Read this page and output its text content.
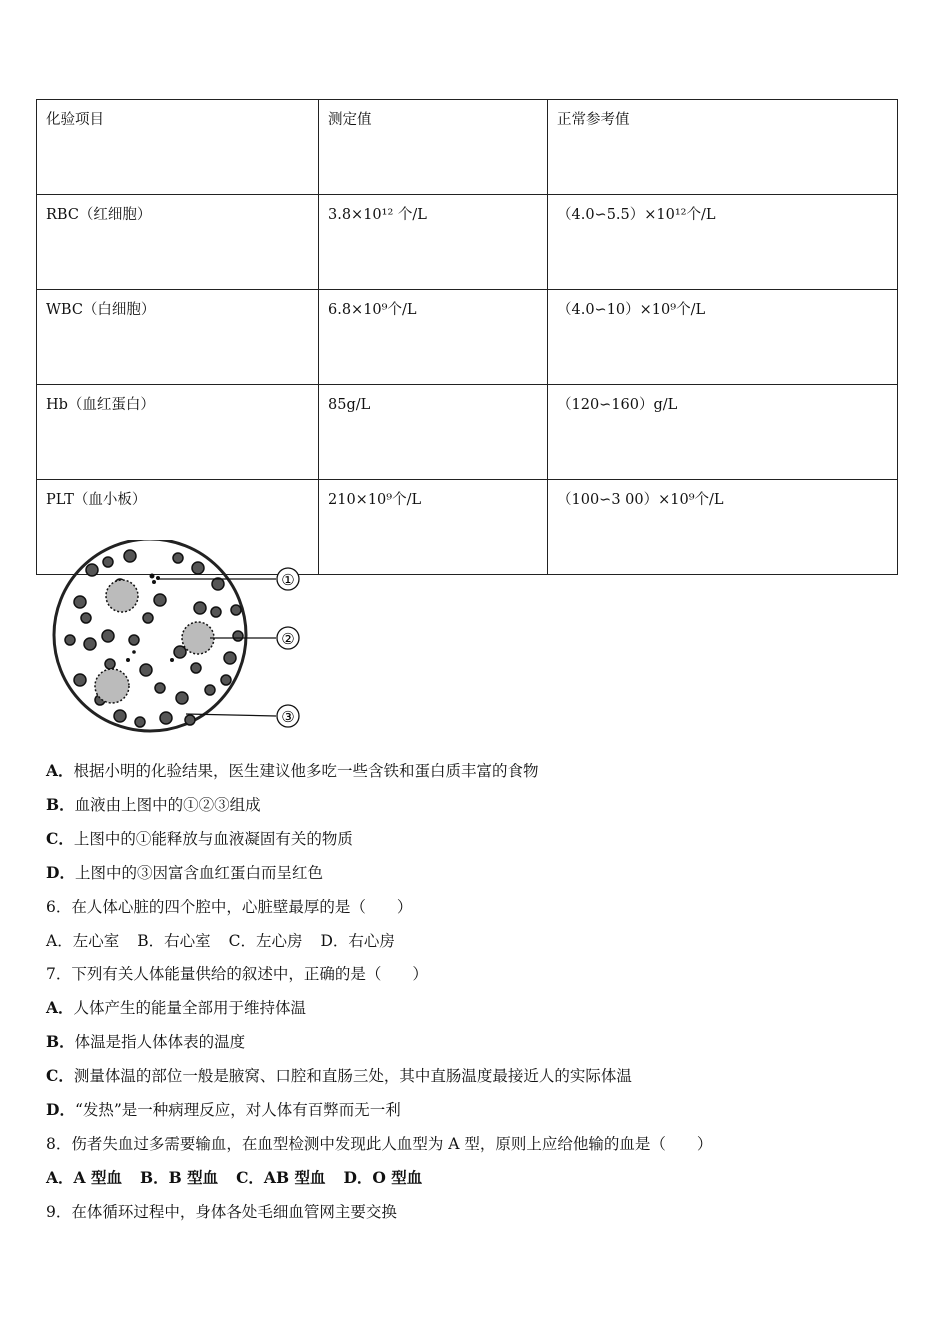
化验项目	测定值	正常参考值
RBC（红细胞）	3.8×10¹² 个/L	（4.0∽5.5）×10¹²个/L
WBC（白细胞）	6.8×10⁹个/L	（4.0∽10）×10⁹个/L
Hb（血红蛋白）	85g/L	（120∽160）g/L
PLT（血小板）	210×10⁹个/L	（100∽3 00）×10⁹个/L
①
②
③
A．根据小明的化验结果，医生建议他多吃一些含铁和蛋白质丰富的食物
B．血液由上图中的①②③组成
C．上图中的①能释放与血液凝固有关的物质
D．上图中的③因富含血红蛋白而呈红色
6．在人体心脏的四个腔中，心脏壁最厚的是（　　）
A．左心室 B．右心室 C．左心房 D．右心房
7．下列有关人体能量供给的叙述中，正确的是（　　）
A．人体产生的能量全部用于维持体温
B．体温是指人体体表的温度
C．测量体温的部位一般是腋窝、口腔和直肠三处，其中直肠温度最接近人的实际体温
D．“发热”是一种病理反应，对人体有百弊而无一利
8．伤者失血过多需要输血，在血型检测中发现此人血型为 A 型，原则上应给他输的血是（　　）
A．A 型血 B．B 型血 C．AB 型血 D．O 型血
9．在体循环过程中，身体各处毛细血管网主要交换
